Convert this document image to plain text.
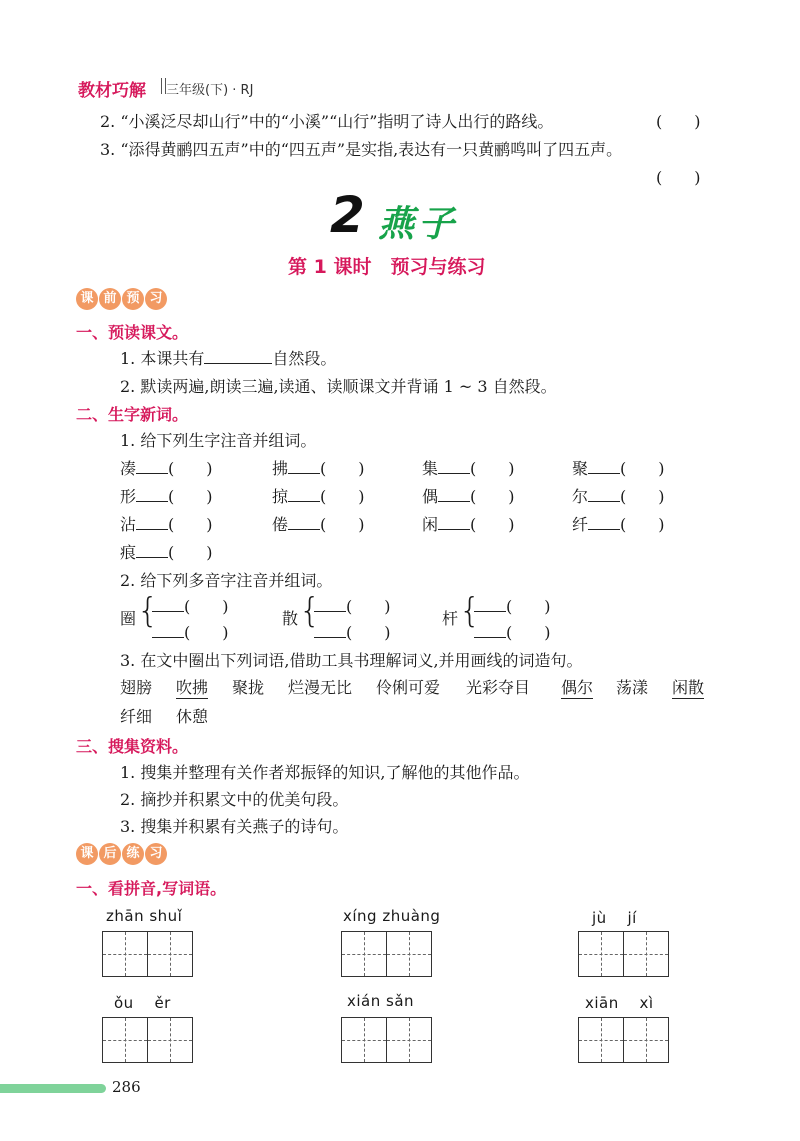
教材巧解 三年级(下) · RJ
2. “小溪泛尽却山行”中的“小溪”“山行”指明了诗人出行的路线。	(　　)
3. “添得黄鹂四五声”中的“四五声”是实指,表达有一只黄鹂鸣叫了四五声。
(　　)
2 燕子
第 1 课时　预习与练习
课 前 预 习
一、预读课文。
1. 本课共有	自然段。
2. 默读两遍,朗读三遍,读通、读顺课文并背诵 1 ~ 3 自然段。
二、生字新词。
1. 给下列生字注音并组词。
凑 (　　)	拂 (　　)	集 (　　)	聚 (　　)
形 (　　)	掠 (　　)	偶 (　　)	尔 (　　)
沾 (　　)	倦 (　　)	闲 (　　)	纤 (　　)
痕 (　　)
2. 给下列多音字注音并组词。
圈 {	(　　)
(　　)
散 {	(　　)
(　　)
杆 {	(　　)
(　　)
3. 在文中圈出下列词语,借助工具书理解词义,并用画线的词造句。
翅膀 吹拂 聚拢 烂漫无比 伶俐可爱 光彩夺目 偶尔 荡漾 闲散
纤细 休憩
三、搜集资料。
1. 搜集并整理有关作者郑振铎的知识,了解他的其他作品。
2. 摘抄并积累文中的优美句段。
3. 搜集并积累有关燕子的诗句。
课 后 练 习
一、看拼音,写词语。
zhān shuǐ	xíng zhuàng	jù　 jí
ǒu　 ěr	xián sǎn	xiān　 xì
286
